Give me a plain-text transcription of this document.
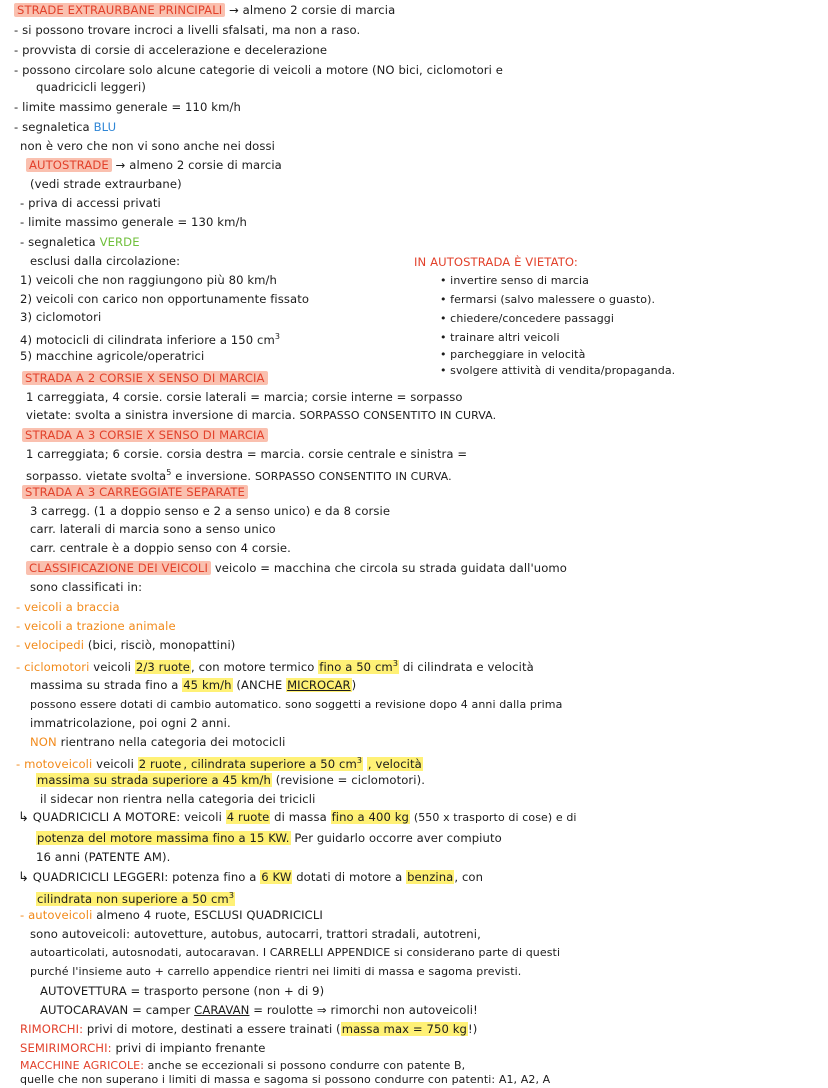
STRADE EXTRAURBANE PRINCIPALI → almeno 2 corsie di marcia
- si possono trovare incroci a livelli sfalsati, ma non a raso.
- provvista di corsie di accelerazione e decelerazione
- possono circolare solo alcune categorie di veicoli a motore (NO bici, ciclomotori e
quadricicli leggeri)
- limite massimo generale = 110 km/h
- segnaletica BLU
non è vero che non vi sono anche nei dossi
AUTOSTRADE → almeno 2 corsie di marcia
(vedi strade extraurbane)
- priva di accessi privati
- limite massimo generale = 130 km/h
- segnaletica VERDE
esclusi dalla circolazione:
1) veicoli che non raggiungono più 80 km/h
2) veicoli con carico non opportunamente fissato
3) ciclomotori
4) motocicli di cilindrata inferiore a 150 $cm^3$
5) macchine agricole/operatrici
IN AUTOSTRADA È VIETATO:
• invertire senso di marcia
• fermarsi (salvo malessere o guasto).
• chiedere/concedere passaggi
• trainare altri veicoli
• parcheggiare in velocità
• svolgere attività di vendita/propaganda.
STRADA A 2 CORSIE X SENSO DI MARCIA
1 carreggiata, 4 corsie. corsie laterali = marcia; corsie interne = sorpasso
vietate: svolta a sinistra inversione di marcia. SORPASSO CONSENTITO IN CURVA.
STRADA A 3 CORSIE X SENSO DI MARCIA
1 carreggiata; 6 corsie. corsia destra = marcia. corsie centrale e sinistra =
sorpasso. vietate svolta$^5$ e inversione. SORPASSO CONSENTITO IN CURVA.
STRADA A 3 CARREGGIATE SEPARATE
3 carregg. (1 a doppio senso e 2 a senso unico) e da 8 corsie
carr. laterali di marcia sono a senso unico
carr. centrale è a doppio senso con 4 corsie.
CLASSIFICAZIONE DEI VEICOLI veicolo = macchina che circola su strada guidata dall'uomo
sono classificati in:
- veicoli a braccia
- veicoli a trazione animale
- velocipedi (bici, risciò, monopattini)
- ciclomotori veicoli 2/3 ruote, con motore termico fino a 50 $cm^3$ di cilindrata e velocità
massima su strada fino a 45 km/h (ANCHE MICROCAR)
possono essere dotati di cambio automatico. sono soggetti a revisione dopo 4 anni dalla prima
immatricolazione, poi ogni 2 anni.
NON rientrano nella categoria dei motocicli
- motoveicoli veicoli 2 ruote , cilindrata superiore a 50 $cm^3$ , velocità
massima su strada superiore a 45 km/h (revisione = ciclomotori).
il sidecar non rientra nella categoria dei tricicli
↳ QUADRICICLI A MOTORE: veicoli 4 ruote di massa fino a 400 kg (550 x trasporto di cose) e di
potenza del motore massima fino a 15 KW. Per guidarlo occorre aver compiuto
16 anni (PATENTE AM).
↳ QUADRICICLI LEGGERI: potenza fino a 6 KW dotati di motore a benzina, con
cilindrata non superiore a 50 $cm^3$
- autoveicoli almeno 4 ruote, ESCLUSI QUADRICICLI
sono autoveicoli: autovetture, autobus, autocarri, trattori stradali, autotreni,
autoarticolati, autosnodati, autocaravan. I CARRELLI APPENDICE si considerano parte di questi
purché l'insieme auto + carrello appendice rientri nei limiti di massa e sagoma previsti.
AUTOVETTURA = trasporto persone (non + di 9)
AUTOCARAVAN = camper CARAVAN = roulotte ⇒ rimorchi non autoveicoli!
RIMORCHI: privi di motore, destinati a essere trainati (massa max = 750 kg!)
SEMIRIMORCHI: privi di impianto frenante
MACCHINE AGRICOLE: anche se eccezionali si possono condurre con patente B,
quelle che non superano i limiti di massa e sagoma si possono condurre con patenti: A1, A2, A
